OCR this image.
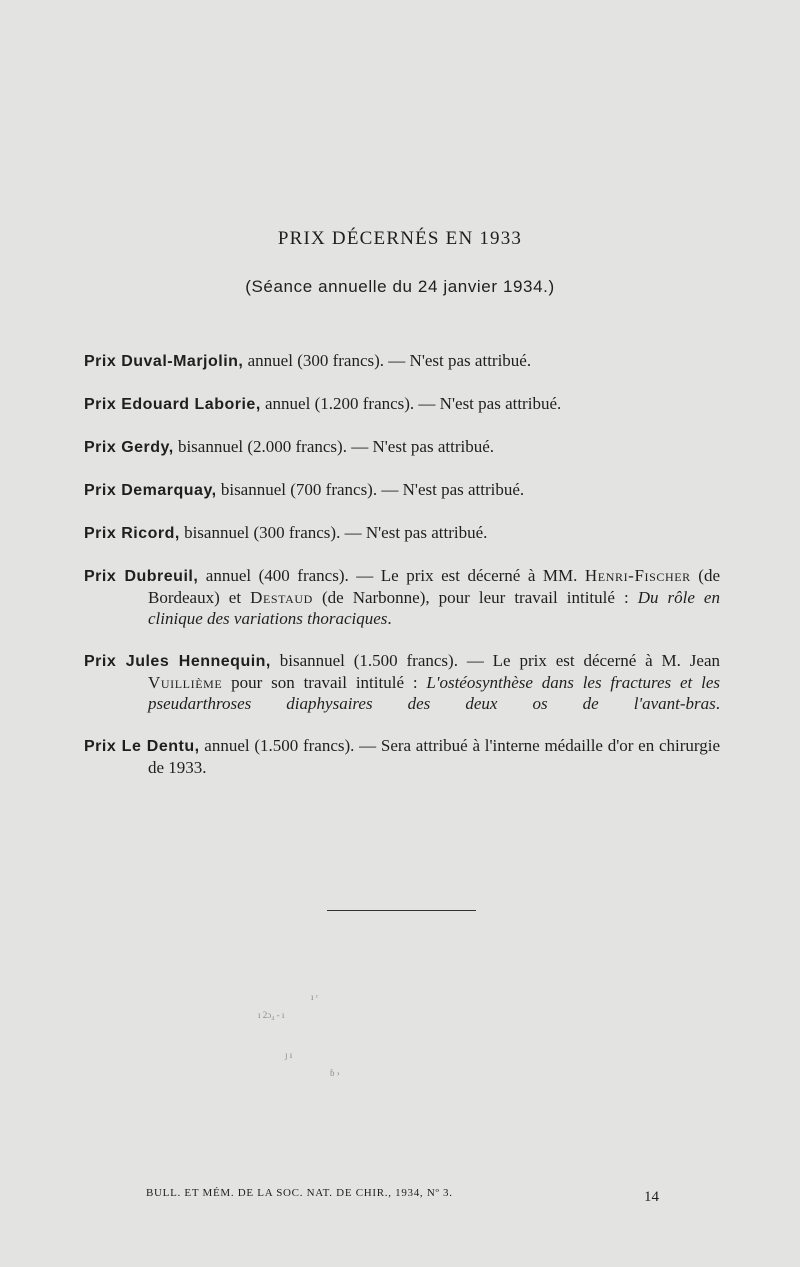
PRIX DÉCERNÉS EN 1933
(Séance annuelle du 24 janvier 1934.)

Prix Duval-Marjolin, annuel (300 francs). — N'est pas attribué.

Prix Edouard Laborie, annuel (1.200 francs). — N'est pas attribué.

Prix Gerdy, bisannuel (2.000 francs). — N'est pas attribué.

Prix Demarquay, bisannuel (700 francs). — N'est pas attribué.

Prix Ricord, bisannuel (300 francs). — N'est pas attribué.

Prix Dubreuil, annuel (400 francs). — Le prix est décerné à MM. Henri-Fischer (de Bordeaux) et Destaud (de Narbonne), pour leur travail intitulé : Du rôle en clinique des variations thoraciques.

Prix Jules Hennequin, bisannuel (1.500 francs). — Le prix est décerné à M. Jean Vuillième pour son travail intitulé : L'ostéosynthèse dans les fractures et les pseudarthroses diaphysaires des deux os de l'avant-bras.

Prix Le Dentu, annuel (1.500 francs). — Sera attribué à l'interne médaille d'or en chirurgie de 1933.

ı ᶜ
ı 2ɔ₄ - ı
ȷ ı
ɓ ›
BULL. ET MÉM. DE LA SOC. NAT. DE CHIR., 1934, Nº 3.	14
